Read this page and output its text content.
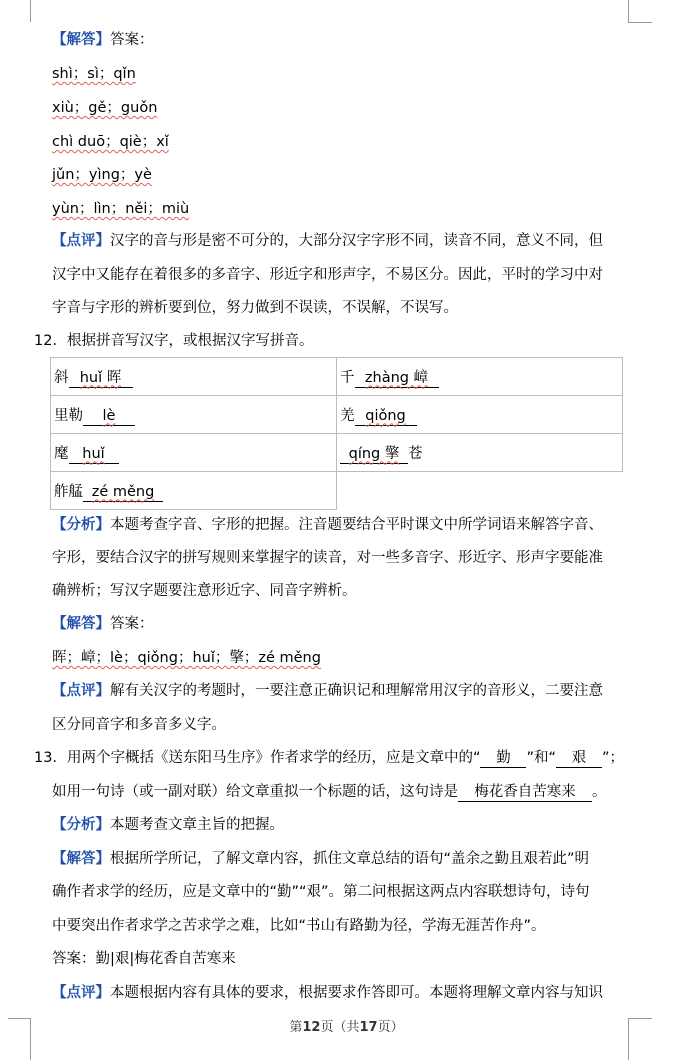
【解答】答案：
shì；sì；qǐn
xiù；gě；guǒn
chì duō；qiè；xǐ
jǔn；yìng；yè
yùn；lìn；něi；miù
【点评】汉字的音与形是密不可分的，大部分汉字字形不同，读音不同，意义不同，但
汉字中又能存在着很多的多音字、形近字和形声字，不易区分。因此，平时的学习中对
字音与字形的辨析要到位，努力做到不误读，不误解，不误写。
12．根据拼音写汉字，或根据汉字写拼音。
斜 huǐ 晖	千 zhàng 嶂
里勒 lè	羌 qiǒng
麾 huǐ	qíng 擎 苍
舴艋 zé měng	
【分析】本题考查字音、字形的把握。注音题要结合平时课文中所学词语来解答字音、
字形，要结合汉字的拼写规则来掌握字的读音，对一些多音字、形近字、形声字要能准
确辨析；写汉字题要注意形近字、同音字辨析。
【解答】答案：
晖；嶂；lè；qiǒng；huǐ；擎；zé měng
【点评】解有关汉字的考题时，一要注意正确识记和理解常用汉字的音形义，二要注意
区分同音字和多音多义字。
13．用两个字概括《送东阳马生序》作者求学的经历，应是文章中的“ 勤 ”和“ 艰 ”；
如用一句诗（或一副对联）给文章重拟一个标题的话，这句诗是 梅花香自苦寒来 。
【分析】本题考查文章主旨的把握。
【解答】根据所学所记，了解文章内容，抓住文章总结的语句“盖余之勤且艰若此”明
确作者求学的经历，应是文章中的“勤”“艰”。第二问根据这两点内容联想诗句，诗句
中要突出作者求学之苦求学之难，比如“书山有路勤为径，学海无涯苦作舟”。
答案：勤|艰|梅花香自苦寒来
【点评】本题根据内容有具体的要求，根据要求作答即可。本题将理解文章内容与知识
第12页（共17页）
